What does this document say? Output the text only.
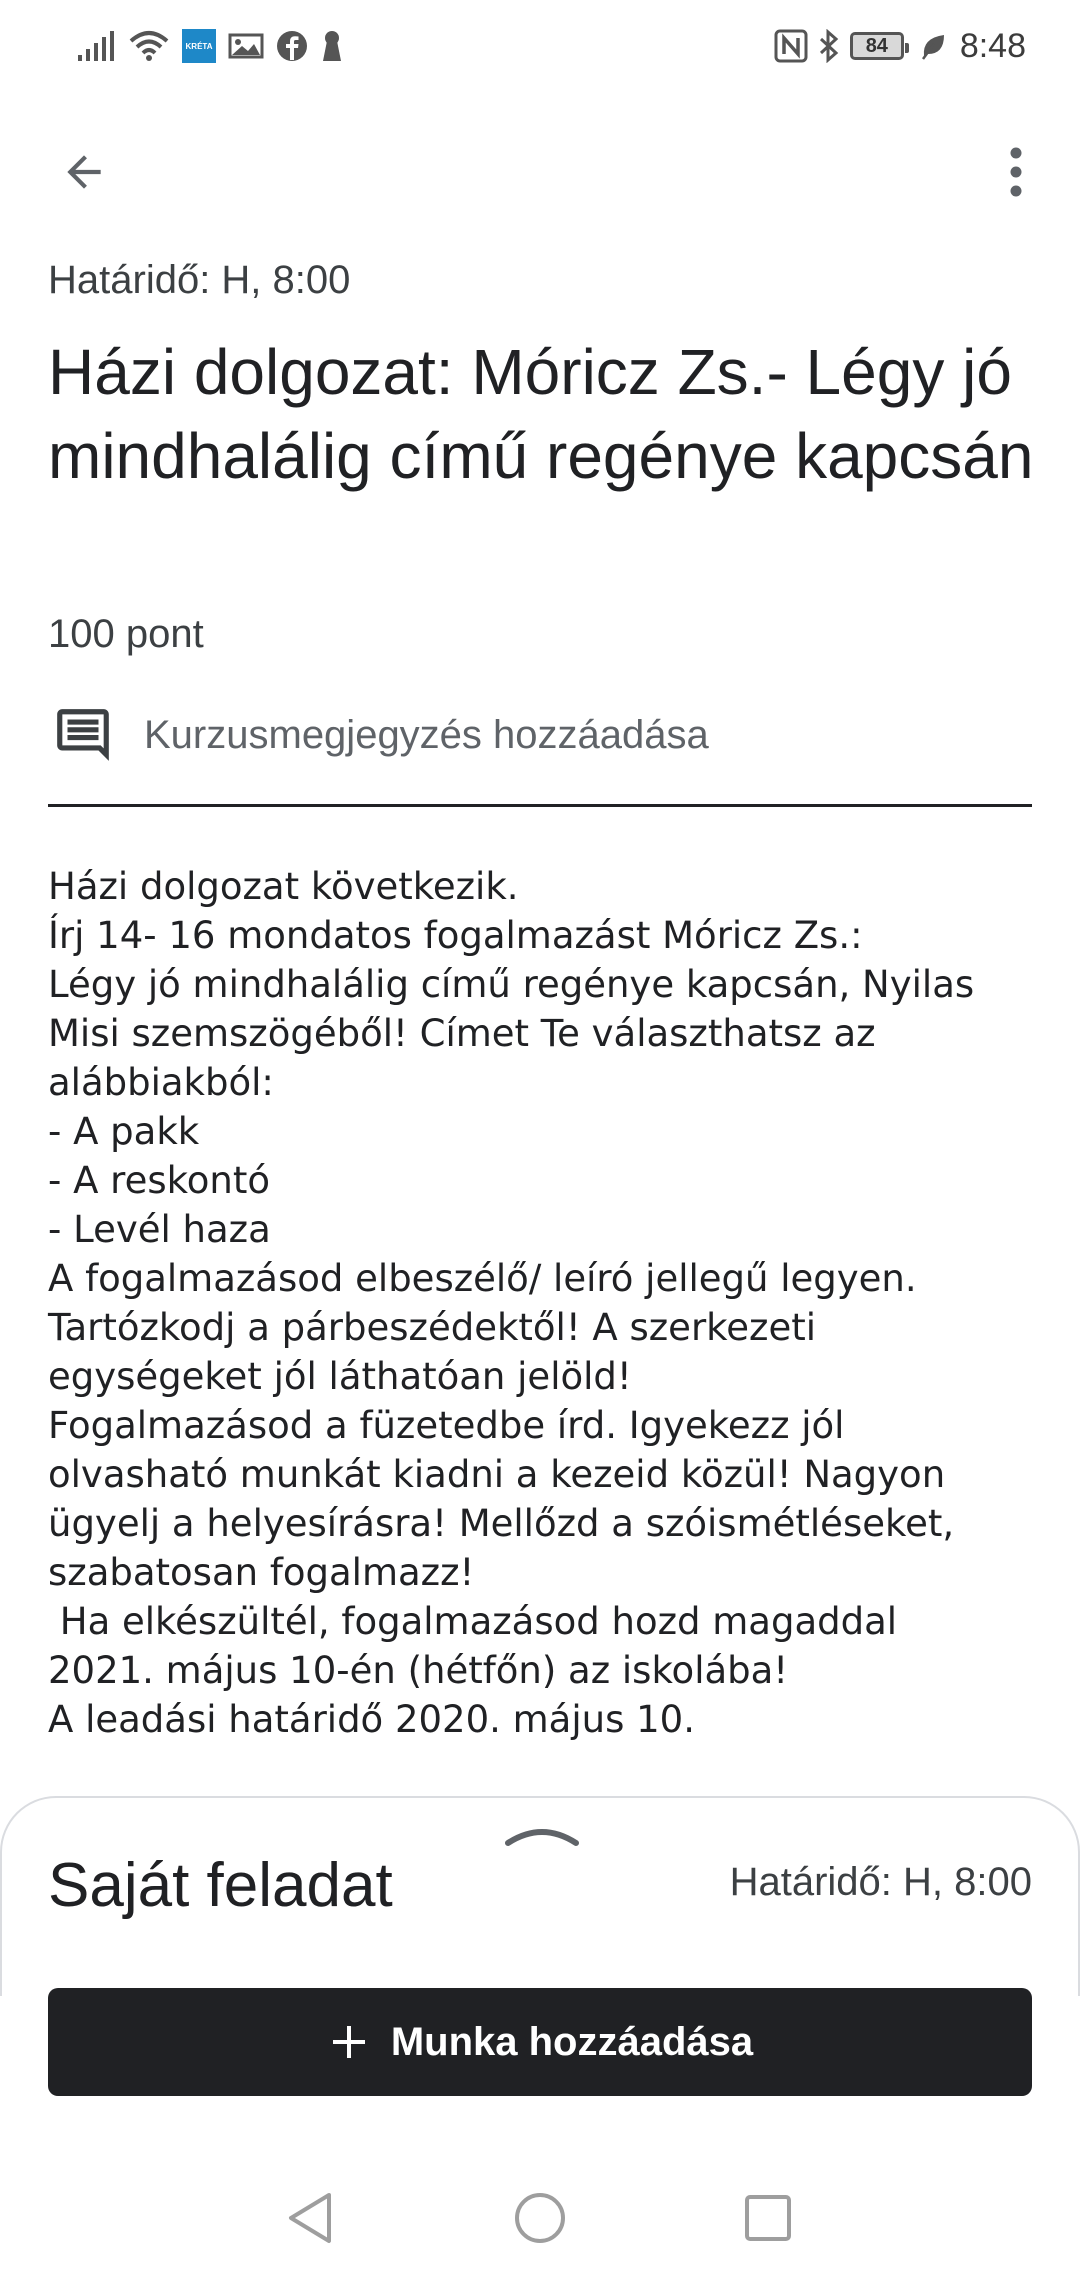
KRÉTA	84 8:48
Határidő: H, 8:00
Házi dolgozat: Móricz Zs.- Légy jó mindhalálig című regénye kapcsán
100 pont
Kurzusmegjegyzés hozzáadása
Házi dolgozat következik.
Írj 14- 16 mondatos fogalmazást Móricz Zs.:
Légy jó mindhalálig című regénye kapcsán, Nyilas
Misi szemszögéből! Címet Te választhatsz az
alábbiakból:
- A pakk
- A reskontó
- Levél haza
A fogalmazásod elbeszélő/ leíró jellegű legyen.
Tartózkodj a párbeszédektől! A szerkezeti
egységeket jól láthatóan jelöld!
Fogalmazásod a füzetedbe írd. Igyekezz jól
olvasható munkát kiadni a kezeid közül! Nagyon
ügyelj a helyesírásra! Mellőzd a szóismétléseket,
szabatosan fogalmazz!
Ha elkészültél, fogalmazásod hozd magaddal
2021. május 10-én (hétfőn) az iskolába!
A leadási határidő 2020. május 10.
Saját feladat	Határidő: H, 8:00
Munka hozzáadása
